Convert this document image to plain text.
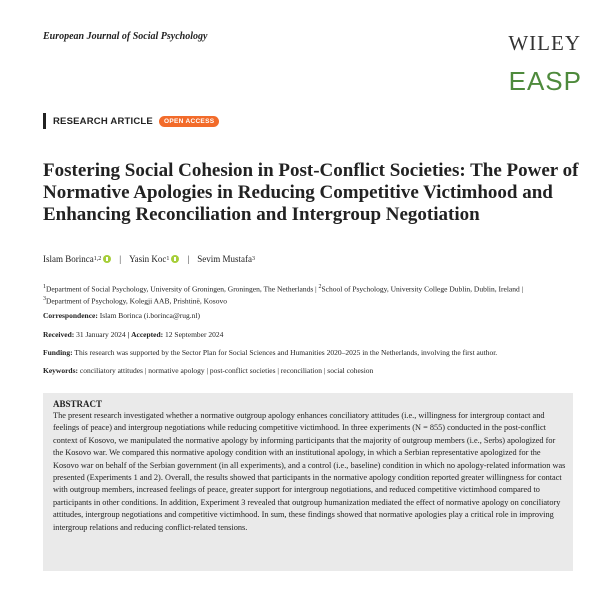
European Journal of Social Psychology	WILEY
EASP
RESEARCH ARTICLE	OPEN ACCESS
Fostering Social Cohesion in Post-Conflict Societies: The Power of Normative Apologies in Reducing Competitive Victimhood and Enhancing Reconciliation and Intergroup Negotiation
Islam Borinca 1,2 | Yasin Koc 1 | Sevim Mustafa 3
$^1$Department of Social Psychology, University of Groningen, Groningen, The Netherlands | $^2$School of Psychology, University College Dublin, Dublin, Ireland |
$^3$Department of Psychology, Kolegji AAB, Prishtinë, Kosovo
Correspondence: Islam Borinca (i.borinca@rug.nl)
Received: 31 January 2024 | Accepted: 12 September 2024
Funding: This research was supported by the Sector Plan for Social Sciences and Humanities 2020–2025 in the Netherlands, involving the first author.
Keywords: conciliatory attitudes | normative apology | post-conflict societies | reconciliation | social cohesion
ABSTRACT

The present research investigated whether a normative outgroup apology enhances conciliatory attitudes (i.e., willingness for intergroup contact and feelings of peace) and intergroup negotiations while reducing competitive victimhood. In three experiments (N = 855) conducted in the post-conflict context of Kosovo, we manipulated the normative apology by informing participants that the majority of outgroup members (i.e., Serbs) apologized for the Kosovo war. We compared this normative apology condition with an institutional apology, in which a Serbian representative apologized for the Kosovo war on behalf of the Serbian government (in all experiments), and a control (i.e., baseline) condition in which no apology-related information was presented (Experiments 1 and 2). Overall, the results showed that participants in the normative apology condition reported greater willingness for contact with outgroup members, increased feelings of peace, greater support for intergroup negotiations, and reduced competitive victimhood compared to participants in other conditions. In addition, Experiment 3 revealed that outgroup humanization mediated the effect of normative apology on conciliatory attitudes, intergroup negotiations and competitive victimhood. In sum, these findings showed that normative apologies play a critical role in improving intergroup relations and reducing conflict-related tensions.
